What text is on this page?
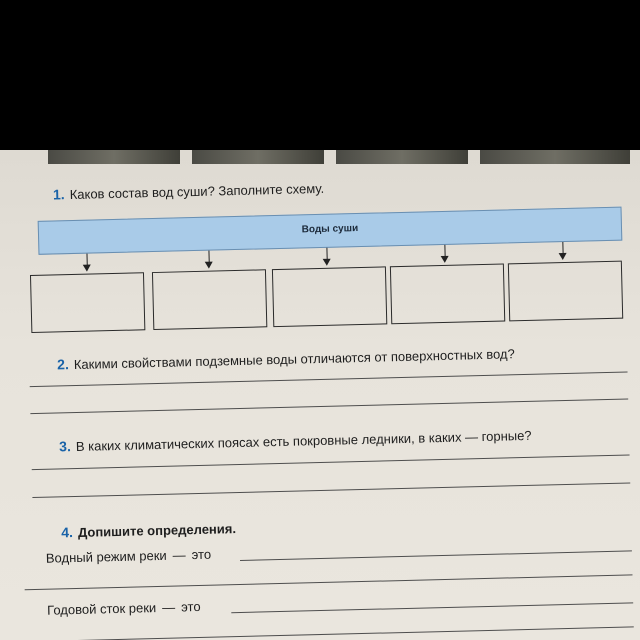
1. Каков состав вод суши? Заполните схему.
Воды суши
2. Какими свойствами подземные воды отличаются от поверхностных вод?
3. В каких климатических поясах есть покровные ледники, в каких — горные?
4. Допишите определения.
Водный режим реки — это
Годовой сток реки — это
